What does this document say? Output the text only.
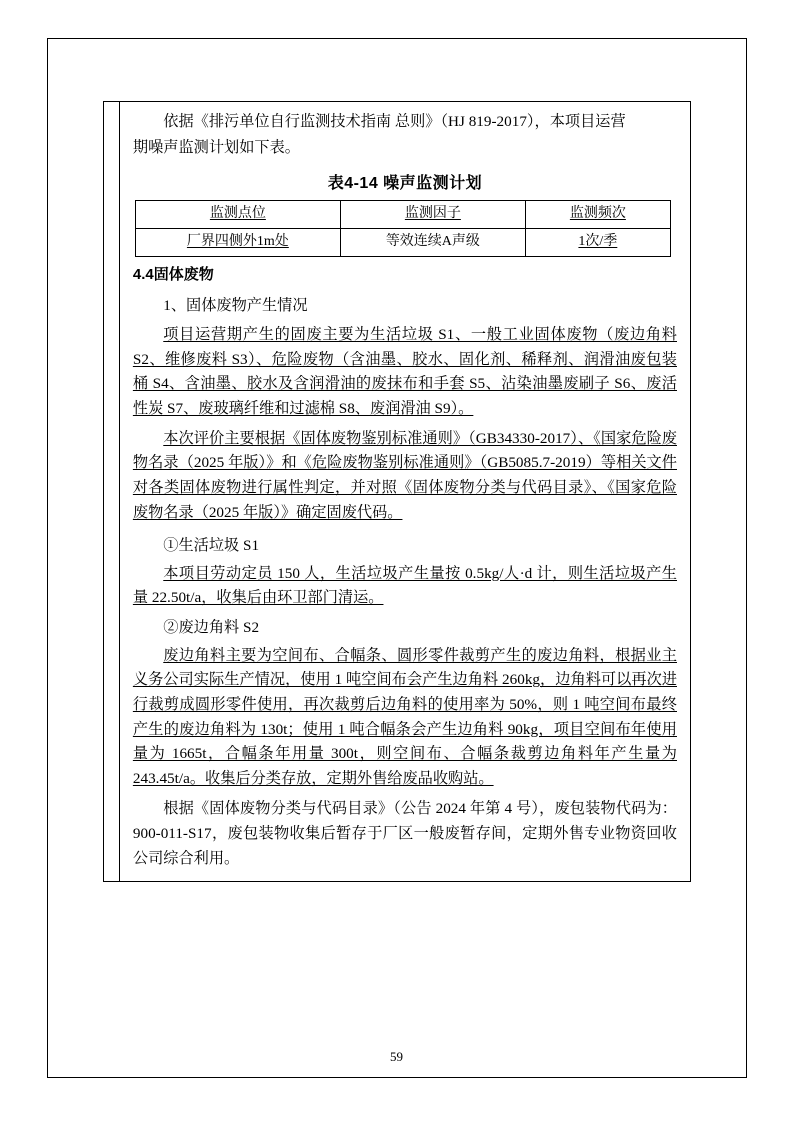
依据《排污单位自行监测技术指南 总则》（HJ 819-2017），本项目运营

期噪声监测计划如下表。

表4-14 噪声监测计划
监测点位	监测因子	监测频次
厂界四侧外1m处	等效连续A声级	1次/季

4.4固体废物

1、固体废物产生情况

项目运营期产生的固废主要为生活垃圾 S1、一般工业固体废物（废边角料 S2、维修废料 S3）、危险废物（含油墨、胶水、固化剂、稀释剂、润滑油废包装桶 S4、含油墨、胶水及含润滑油的废抹布和手套 S5、沾染油墨废刷子 S6、废活性炭 S7、废玻璃纤维和过滤棉 S8、废润滑油 S9）。

本次评价主要根据《固体废物鉴别标准通则》（GB34330-2017）、《国家危险废物名录（2025 年版）》和《危险废物鉴别标准通则》（GB5085.7-2019）等相关文件对各类固体废物进行属性判定，并对照《固体废物分类与代码目录》、《国家危险废物名录（2025 年版）》确定固废代码。

①生活垃圾 S1

本项目劳动定员 150 人，生活垃圾产生量按 0.5kg/人·d 计，则生活垃圾产生量 22.50t/a，收集后由环卫部门清运。

②废边角料 S2

废边角料主要为空间布、合幅条、圆形零件裁剪产生的废边角料，根据业主义务公司实际生产情况，使用 1 吨空间布会产生边角料 260kg，边角料可以再次进行裁剪成圆形零件使用，再次裁剪后边角料的使用率为 50%，则 1 吨空间布最终产生的废边角料为 130t；使用 1 吨合幅条会产生边角料 90kg，项目空间布年使用量为 1665t，合幅条年用量 300t，则空间布、合幅条裁剪边角料年产生量为 243.45t/a。收集后分类存放，定期外售给废品收购站。

根据《固体废物分类与代码目录》（公告 2024 年第 4 号），废包装物代码为：900-011-S17，废包装物收集后暂存于厂区一般废暂存间，定期外售专业物资回收公司综合利用。

59
